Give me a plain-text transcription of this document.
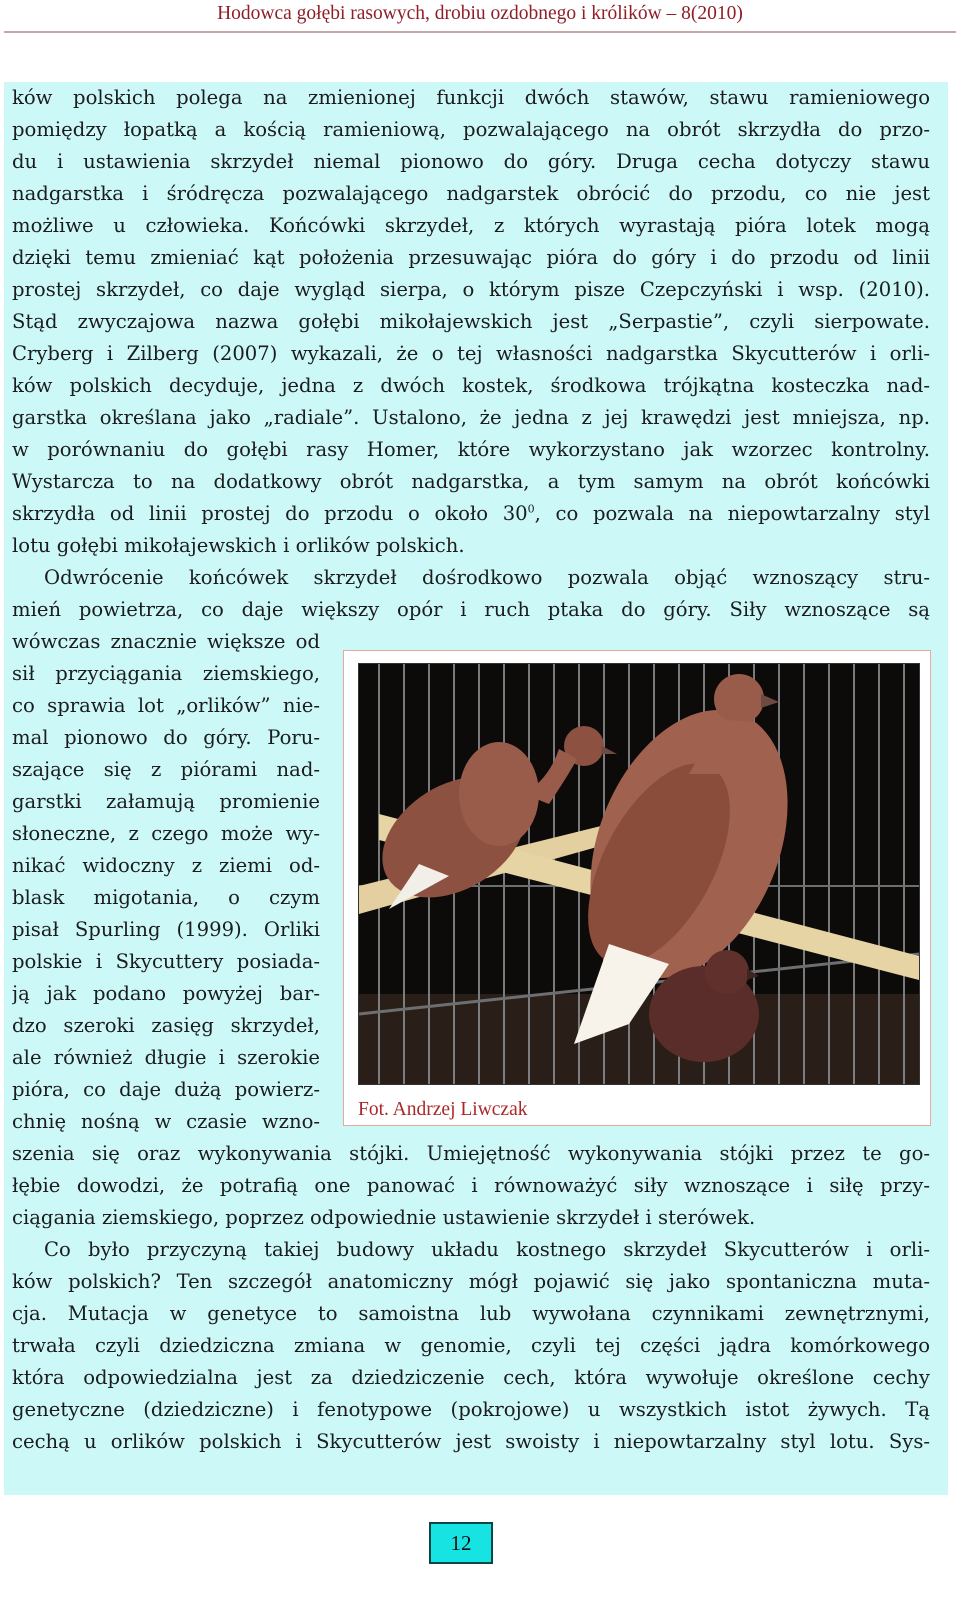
Hodowca gołębi rasowych, drobiu ozdobnego i królików – 8(2010)
ków polskich polega na zmienionej funkcji dwóch stawów, stawu ramieniowego
pomiędzy łopatką a kością ramieniową, pozwalającego na obrót skrzydła do przo-
du i ustawienia skrzydeł niemal pionowo do góry. Druga cecha dotyczy stawu
nadgarstka i śródręcza pozwalającego nadgarstek obrócić do przodu, co nie jest
możliwe u człowieka. Końcówki skrzydeł, z których wyrastają pióra lotek mogą
dzięki temu zmieniać kąt położenia przesuwając pióra do góry i do przodu od linii
prostej skrzydeł, co daje wygląd sierpa, o którym pisze Czepczyński i wsp. (2010).
Stąd zwyczajowa nazwa gołębi mikołajewskich jest „Serpastie”, czyli sierpowate.
Cryberg i Zilberg (2007) wykazali, że o tej własności nadgarstka Skycutterów i orli-
ków polskich decyduje, jedna z dwóch kostek, środkowa trójkątna kosteczka nad-
garstka określana jako „radiale”. Ustalono, że jedna z jej krawędzi jest mniejsza, np.
w porównaniu do gołębi rasy Homer, które wykorzystano jak wzorzec kontrolny.
Wystarcza to na dodatkowy obrót nadgarstka, a tym samym na obrót końcówki
skrzydła od linii prostej do przodu o około $30^0$, co pozwala na niepowtarzalny styl
lotu gołębi mikołajewskich i orlików polskich.
Odwrócenie końcówek skrzydeł dośrodkowo pozwala objąć wznoszący stru-
mień powietrza, co daje większy opór i ruch ptaka do góry. Siły wznoszące są
wówczas znacznie większe od
sił przyciągania ziemskiego,
co sprawia lot „orlików” nie-
mal pionowo do góry. Poru-
szające się z piórami nad-
garstki załamują promienie
słoneczne, z czego może wy-
nikać widoczny z ziemi od-
blask migotania, o czym
pisał Spurling (1999). Orliki
polskie i Skycuttery posiada-
ją jak podano powyżej bar-
dzo szeroki zasięg skrzydeł,
ale również długie i szerokie
pióra, co daje dużą powierz-
chnię nośną w czasie wzno-
szenia się oraz wykonywania stójki. Umiejętność wykonywania stójki przez te go-
łębie dowodzi, że potrafią one panować i równoważyć siły wznoszące i siłę przy-
ciągania ziemskiego, poprzez odpowiednie ustawienie skrzydeł i sterówek.
Co było przyczyną takiej budowy układu kostnego skrzydeł Skycutterów i orli-
ków polskich? Ten szczegół anatomiczny mógł pojawić się jako spontaniczna muta-
cja. Mutacja w genetyce to samoistna lub wywołana czynnikami zewnętrznymi,
trwała czyli dziedziczna zmiana w genomie, czyli tej części jądra komórkowego
która odpowiedzialna jest za dziedziczenie cech, która wywołuje określone cechy
genetyczne (dziedziczne) i fenotypowe (pokrojowe) u wszystkich istot żywych. Tą
cechą u orlików polskich i Skycutterów jest swoisty i niepowtarzalny styl lotu. Sys-
Fot. Andrzej Liwczak
12
